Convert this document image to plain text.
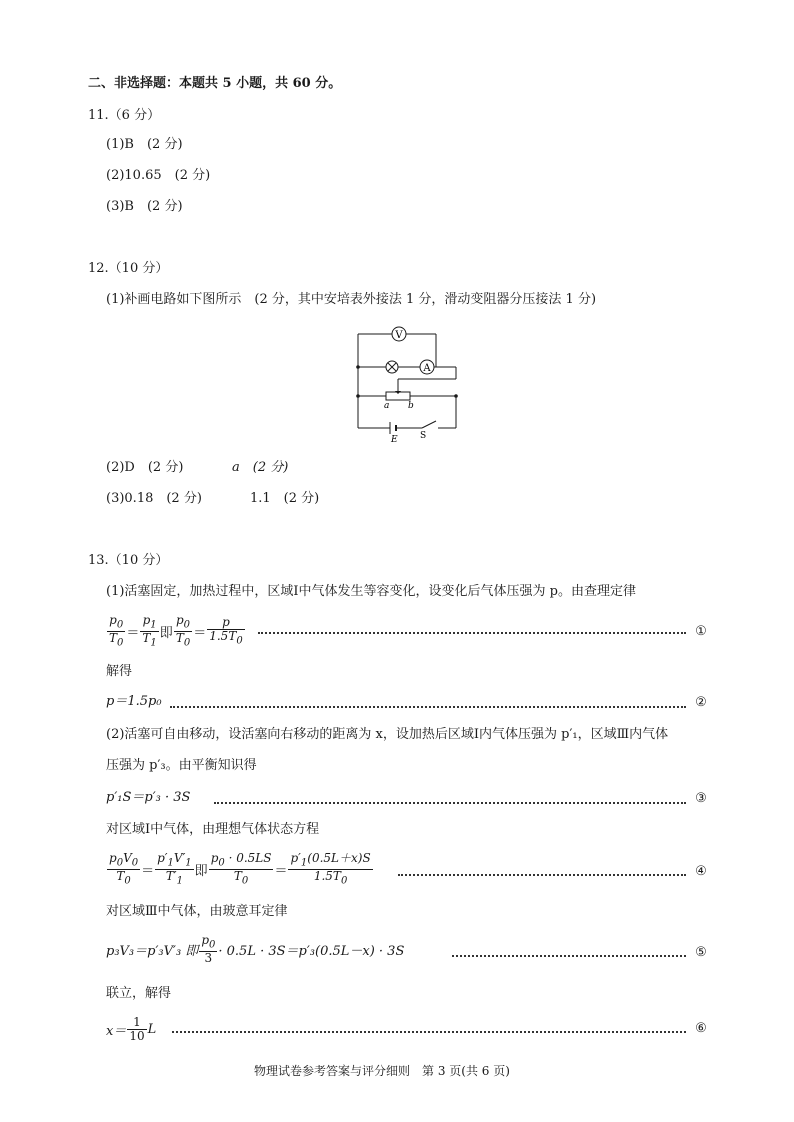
二、非选择题：本题共 5 小题，共 60 分。
11.（6 分）
(1)B　(2 分)
(2)10.65　(2 分)
(3)B　(2 分)
12.（10 分）
(1)补画电路如下图所示　(2 分，其中安培表外接法 1 分，滑动变阻器分压接法 1 分)
V
A
a b
E S
(2)D　(2 分)	a　(2 分)
(3)0.18　(2 分)	1.1　(2 分)
13.（10 分）
(1)活塞固定，加热过程中，区域Ⅰ中气体发生等容变化，设变化后气体压强为 p。由查理定律
$\frac{p_0}{T_0} = \frac{p_1}{T_1}$ 即 $\frac{p_0}{T_0} = \frac{p}{1.5T_0}$	①
解得
p＝1.5p₀	②
(2)活塞可自由移动，设活塞向右移动的距离为 x，设加热后区域Ⅰ内气体压强为 p′₁，区域Ⅲ内气体
压强为 p′₃。由平衡知识得
p′₁S＝p′₃ · 3S	③
对区域Ⅰ中气体，由理想气体状态方程
$\frac{p_0V_0}{T_0} = \frac{p'_1V'_1}{T'_1}$ 即 $\frac{p_0 \cdot 0.5LS}{T_0} = \frac{p'_1(0.5L+x)S}{1.5T_0}$	④
对区域Ⅲ中气体，由玻意耳定律
p₃V₃＝p′₃V′₃ 即 $\frac{p_0}{3} \cdot 0.5L \cdot 3S=p'_3(0.5L-x) \cdot 3S$	⑤
联立，解得
$x= \frac{1}{10}$ L	⑥
物理试卷参考答案与评分细则　第 3 页(共 6 页)
